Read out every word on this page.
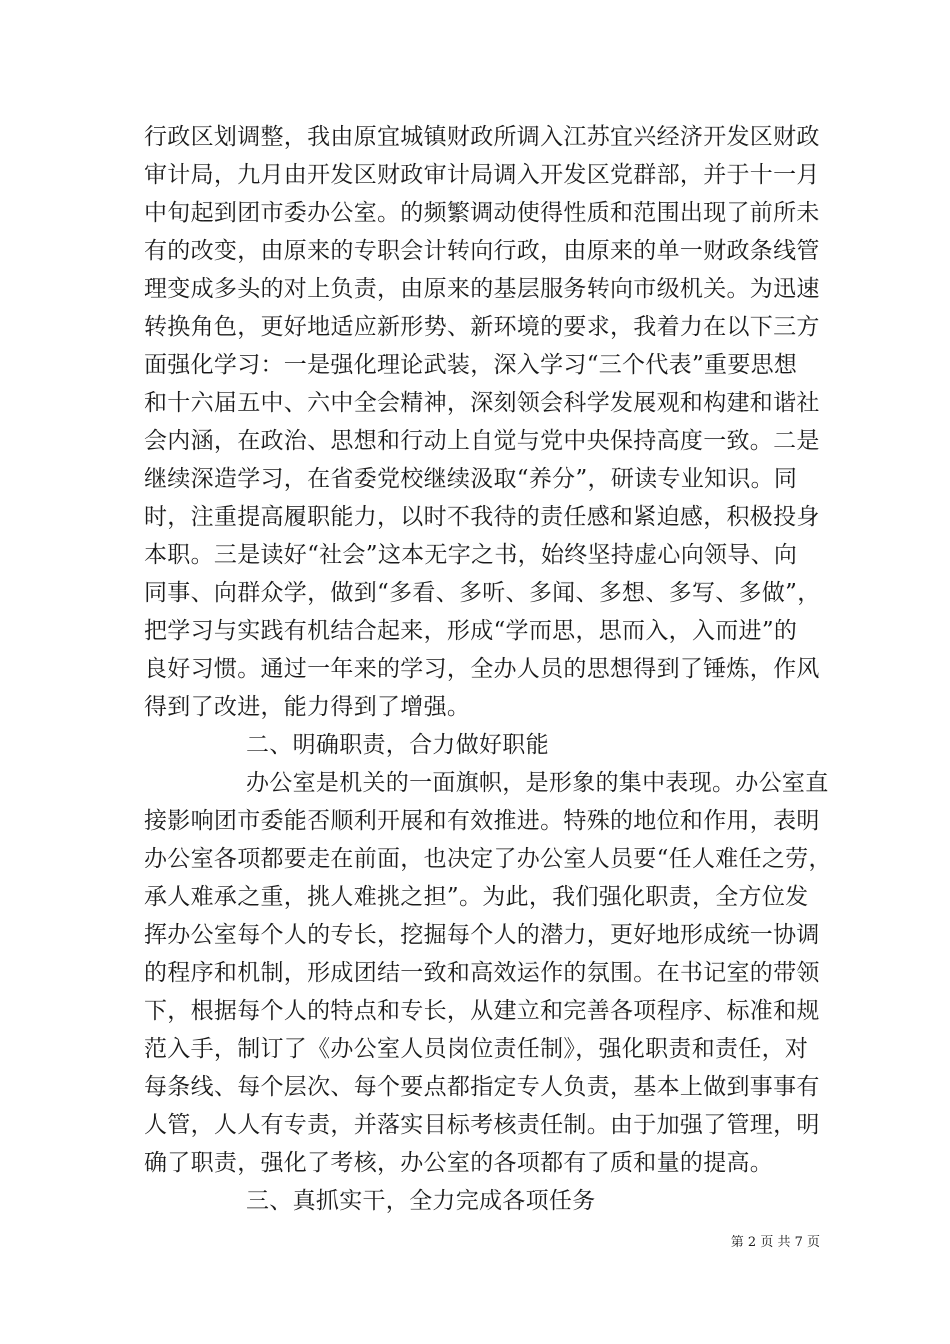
行政区划调整，我由原宜城镇财政所调入江苏宜兴经济开发区财政
审计局，九月由开发区财政审计局调入开发区党群部，并于十一月
中旬起到团市委办公室。的频繁调动使得性质和范围出现了前所未
有的改变，由原来的专职会计转向行政，由原来的单一财政条线管
理变成多头的对上负责，由原来的基层服务转向市级机关。为迅速
转换角色，更好地适应新形势、新环境的要求，我着力在以下三方
面强化学习：一是强化理论武装，深入学习“三个代表”重要思想
和十六届五中、六中全会精神，深刻领会科学发展观和构建和谐社
会内涵，在政治、思想和行动上自觉与党中央保持高度一致。二是
继续深造学习，在省委党校继续汲取“养分”，研读专业知识。同
时，注重提高履职能力，以时不我待的责任感和紧迫感，积极投身
本职。三是读好“社会”这本无字之书，始终坚持虚心向领导、向
同事、向群众学，做到“多看、多听、多闻、多想、多写、多做”，
把学习与实践有机结合起来，形成“学而思，思而入，入而进”的
良好习惯。通过一年来的学习，全办人员的思想得到了锤炼，作风
得到了改进，能力得到了增强。
二、明确职责，合力做好职能
办公室是机关的一面旗帜，是形象的集中表现。办公室直
接影响团市委能否顺利开展和有效推进。特殊的地位和作用，表明
办公室各项都要走在前面，也决定了办公室人员要“任人难任之劳，
承人难承之重，挑人难挑之担”。为此，我们强化职责，全方位发
挥办公室每个人的专长，挖掘每个人的潜力，更好地形成统一协调
的程序和机制，形成团结一致和高效运作的氛围。在书记室的带领
下，根据每个人的特点和专长，从建立和完善各项程序、标准和规
范入手，制订了《办公室人员岗位责任制》，强化职责和责任，对
每条线、每个层次、每个要点都指定专人负责，基本上做到事事有
人管，人人有专责，并落实目标考核责任制。由于加强了管理，明
确了职责，强化了考核，办公室的各项都有了质和量的提高。
三、真抓实干，全力完成各项任务
第 2 页 共 7 页
